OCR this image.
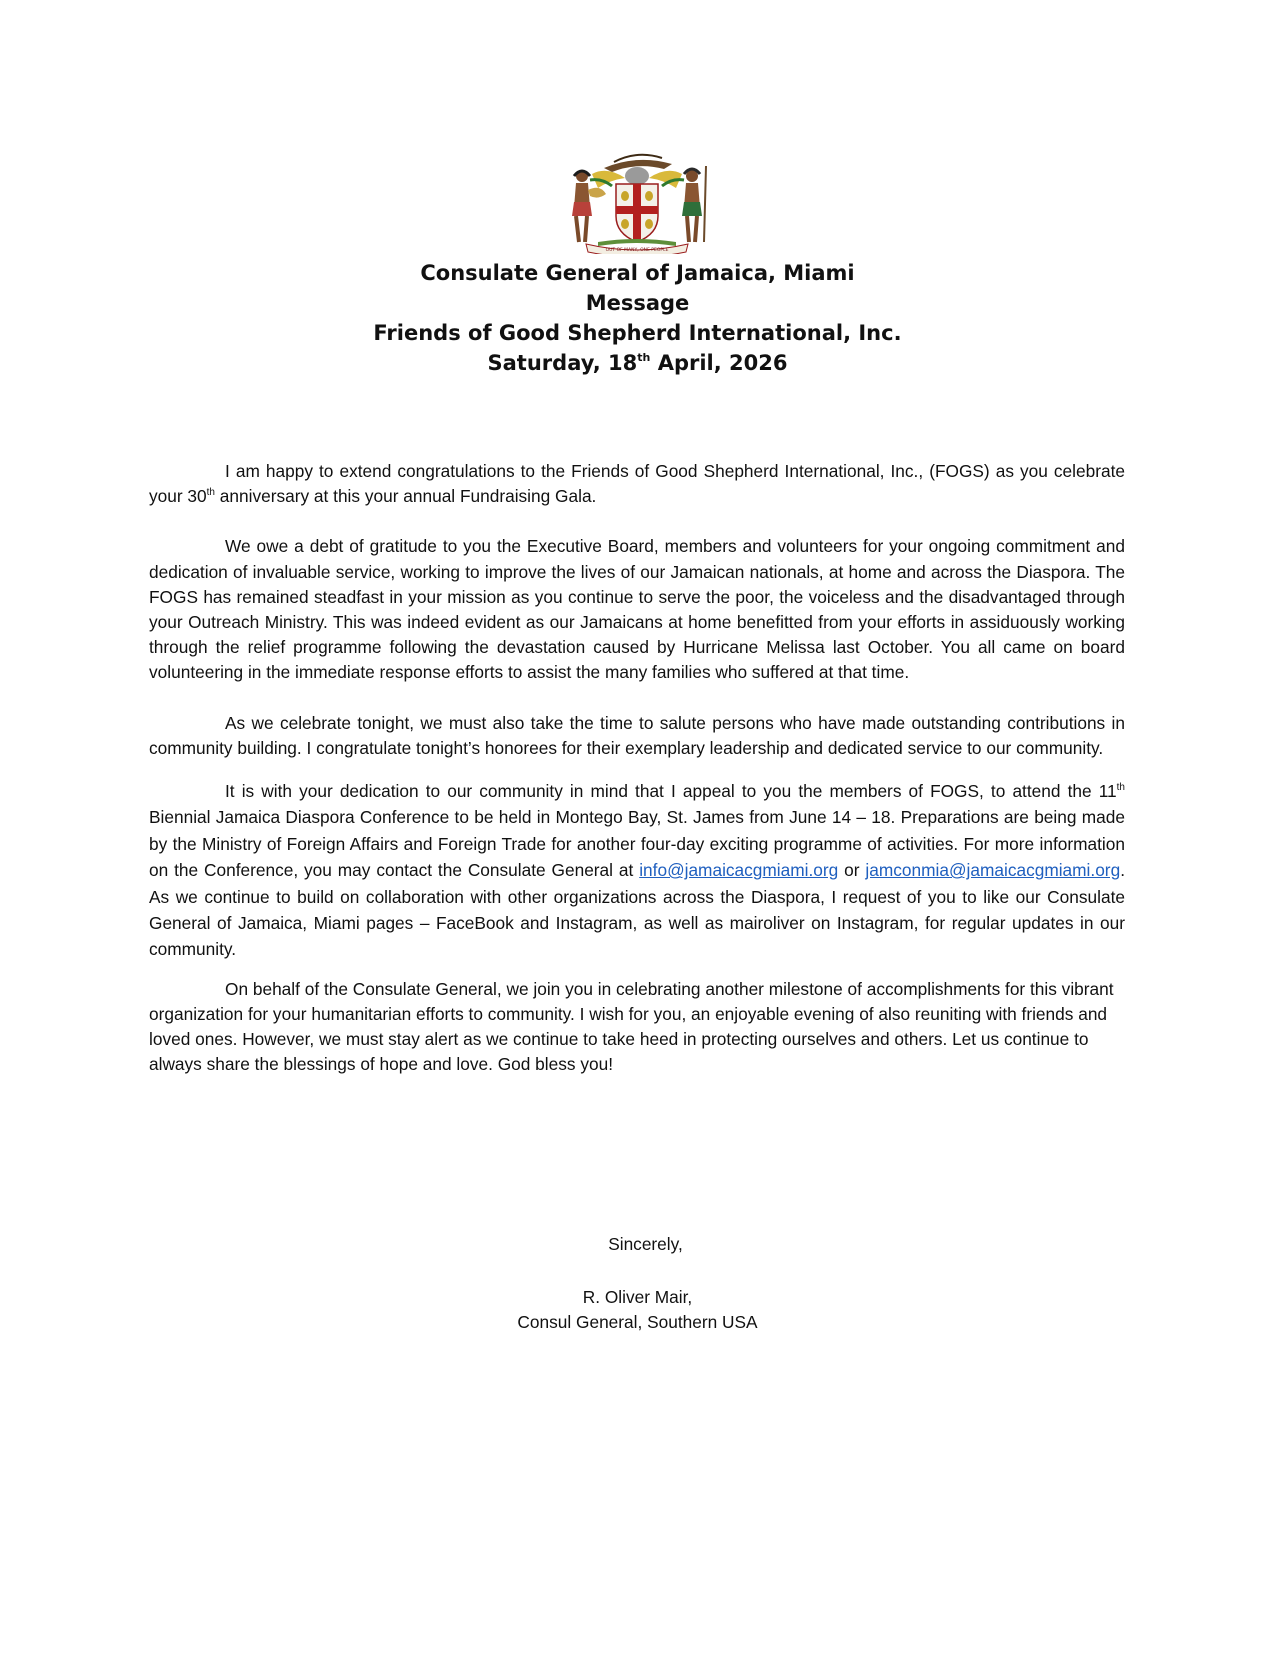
OUT OF MANY, ONE PEOPLE
Consulate General of Jamaica, Miami
Message
Friends of Good Shepherd International, Inc.
Saturday, 18th April, 2026

I am happy to extend congratulations to the Friends of Good Shepherd International, Inc., (FOGS) as you celebrate your 30th anniversary at this your annual Fundraising Gala.

We owe a debt of gratitude to you the Executive Board, members and volunteers for your ongoing commitment and dedication of invaluable service, working to improve the lives of our Jamaican nationals, at home and across the Diaspora. The FOGS has remained steadfast in your mission as you continue to serve the poor, the voiceless and the disadvantaged through your Outreach Ministry. This was indeed evident as our Jamaicans at home benefitted from your efforts in assiduously working through the relief programme following the devastation caused by Hurricane Melissa last October. You all came on board volunteering in the immediate response efforts to assist the many families who suffered at that time.

As we celebrate tonight, we must also take the time to salute persons who have made outstanding contributions in community building. I congratulate tonight’s honorees for their exemplary leadership and dedicated service to our community.

It is with your dedication to our community in mind that I appeal to you the members of FOGS, to attend the 11th Biennial Jamaica Diaspora Conference to be held in Montego Bay, St. James from June 14 – 18. Preparations are being made by the Ministry of Foreign Affairs and Foreign Trade for another four-day exciting programme of activities. For more information on the Conference, you may contact the Consulate General at info@jamaicacgmiami.org or jamconmia@jamaicacgmiami.org. As we continue to build on collaboration with other organizations across the Diaspora, I request of you to like our Consulate General of Jamaica, Miami pages – FaceBook and Instagram, as well as mairoliver on Instagram, for regular updates in our community.

On behalf of the Consulate General, we join you in celebrating another milestone of accomplishments for this vibrant organization for your humanitarian efforts to community. I wish for you, an enjoyable evening of also reuniting with friends and loved ones. However, we must stay alert as we continue to take heed in protecting ourselves and others. Let us continue to always share the blessings of hope and love. God bless you!

Sincerely,
R. Oliver Mair,
Consul General, Southern USA
